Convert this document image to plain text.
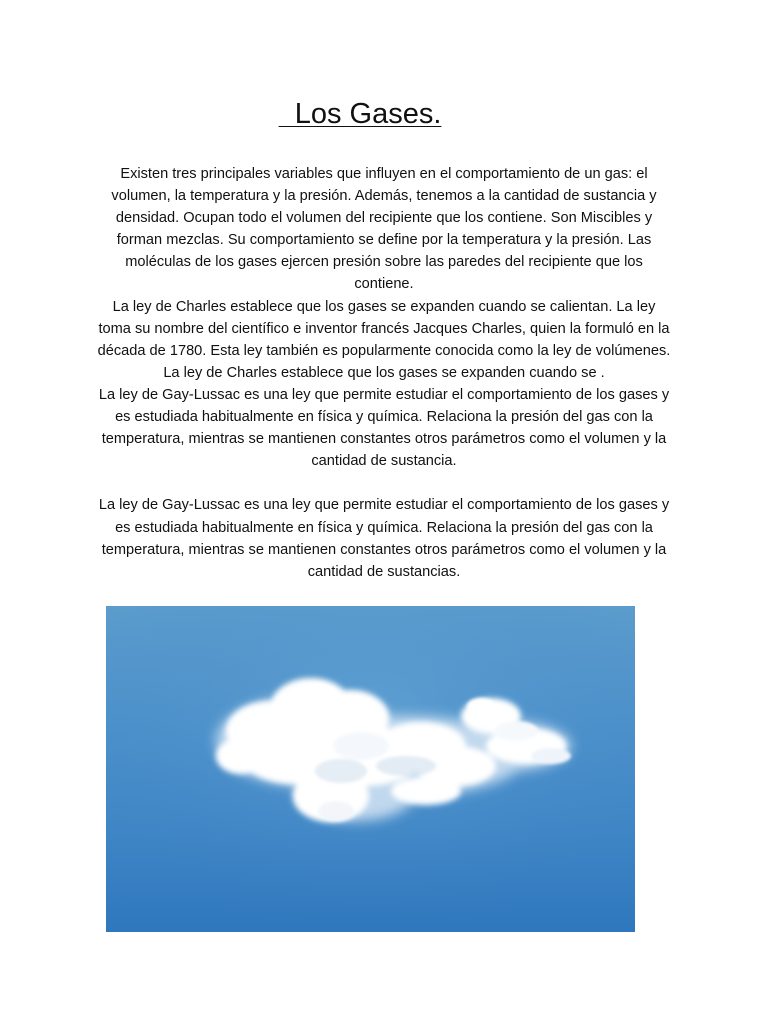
Los Gases.

Existen tres principales variables que influyen en el comportamiento de un gas: el volumen, la temperatura y la presión. Además, tenemos a la cantidad de sustancia y densidad. Ocupan todo el volumen del recipiente que los contiene. Son Miscibles y forman mezclas. Su comportamiento se define por la temperatura y la presión. Las moléculas de los gases ejercen presión sobre las paredes del recipiente que los contiene.

La ley de Charles establece que los gases se expanden cuando se calientan. La ley toma su nombre del científico e inventor francés Jacques Charles, quien la formuló en la década de 1780. Esta ley también es popularmente conocida como la ley de volúmenes.

La ley de Charles establece que los gases se expanden cuando se .

La ley de Gay-Lussac es una ley que permite estudiar el comportamiento de los gases y es estudiada habitualmente en física y química. Relaciona la presión del gas con la temperatura, mientras se mantienen constantes otros parámetros como el volumen y la cantidad de sustancia.

La ley de Gay-Lussac es una ley que permite estudiar el comportamiento de los gases y es estudiada habitualmente en física y química. Relaciona la presión del gas con la temperatura, mientras se mantienen constantes otros parámetros como el volumen y la cantidad de sustancias.
